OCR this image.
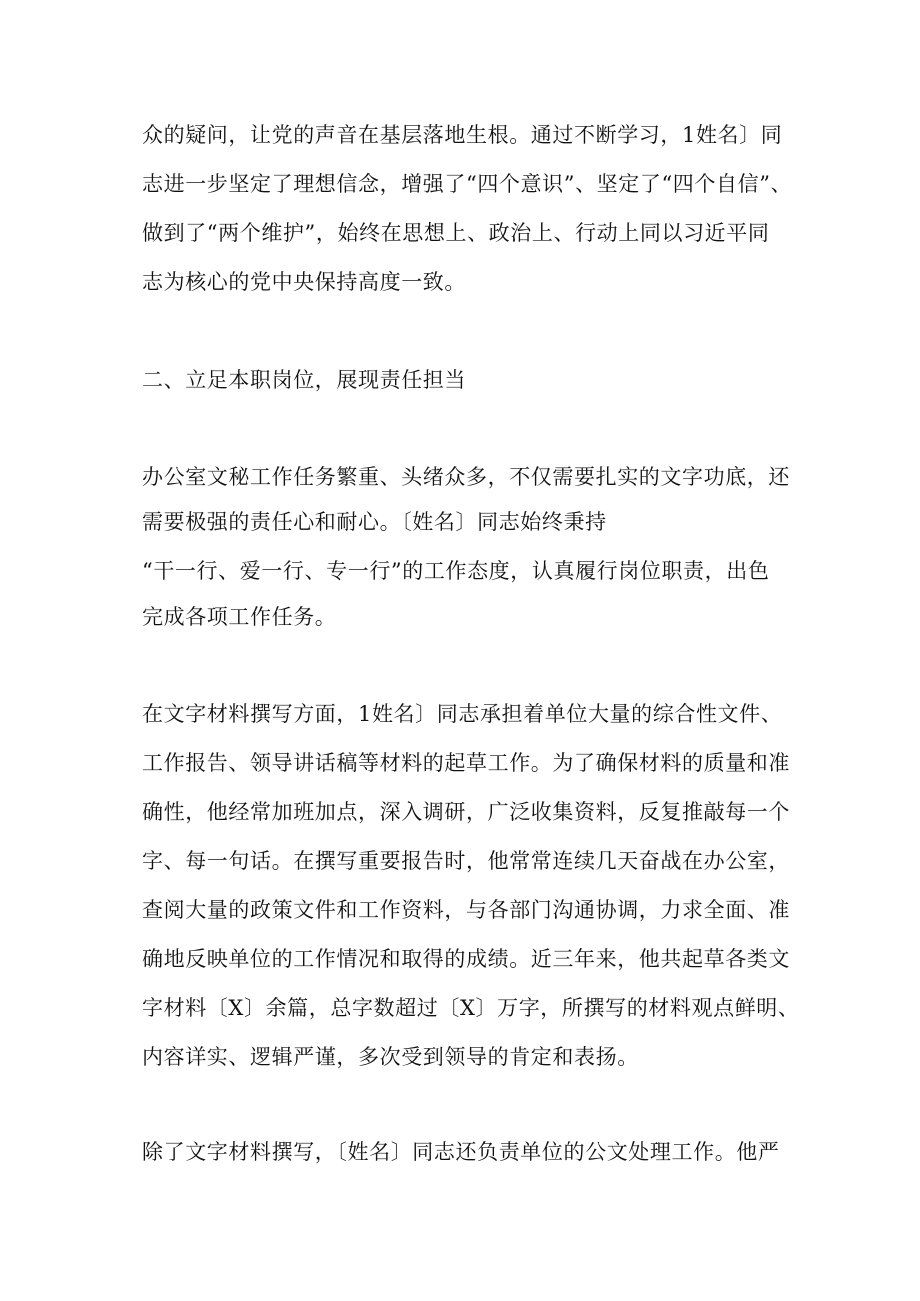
众的疑问，让党的声音在基层落地生根。通过不断学习，1姓名〕同
志进一步坚定了理想信念，增强了“四个意识”、坚定了“四个自信”、
做到了“两个维护”，始终在思想上、政治上、行动上同以习近平同
志为核心的党中央保持高度一致。
二、立足本职岗位，展现责任担当
办公室文秘工作任务繁重、头绪众多，不仅需要扎实的文字功底，还
需要极强的责任心和耐心。〔姓名〕同志始终秉持
“干一行、爱一行、专一行”的工作态度，认真履行岗位职责，出色
完成各项工作任务。
在文字材料撰写方面，1姓名〕同志承担着单位大量的综合性文件、
工作报告、领导讲话稿等材料的起草工作。为了确保材料的质量和准
确性，他经常加班加点，深入调研，广泛收集资料，反复推敲每一个
字、每一句话。在撰写重要报告时，他常常连续几天奋战在办公室，
查阅大量的政策文件和工作资料，与各部门沟通协调，力求全面、准
确地反映单位的工作情况和取得的成绩。近三年来，他共起草各类文
字材料〔X〕余篇，总字数超过〔X〕万字，所撰写的材料观点鲜明、
内容详实、逻辑严谨，多次受到领导的肯定和表扬。
除了文字材料撰写，〔姓名〕同志还负责单位的公文处理工作。他严
